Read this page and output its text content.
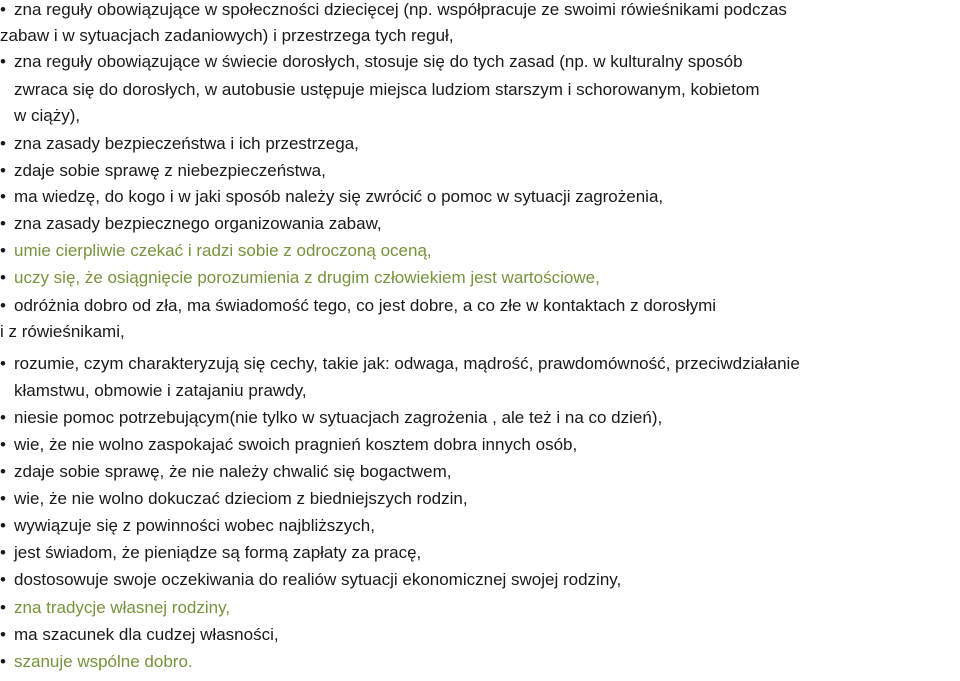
• zna reguły obowiązujące w społeczności dziecięcej (np. współpracuje ze swoimi rówieśnikami podczas
zabaw i w sytuacjach zadaniowych) i przestrzega tych reguł,
• zna reguły obowiązujące w świecie dorosłych, stosuje się do tych zasad (np. w kulturalny sposób
zwraca się do dorosłych, w autobusie ustępuje miejsca ludziom starszym i schorowanym, kobietom
w ciąży),
• zna zasady bezpieczeństwa i ich przestrzega,
• zdaje sobie sprawę z niebezpieczeństwa,
• ma wiedzę, do kogo i w jaki sposób należy się zwrócić o pomoc w sytuacji zagrożenia,
• zna zasady bezpiecznego organizowania zabaw,
• umie cierpliwie czekać i radzi sobie z odroczoną oceną,
• uczy się, że osiągnięcie porozumienia z drugim człowiekiem jest wartościowe,
• odróżnia dobro od zła, ma świadomość tego, co jest dobre, a co złe w kontaktach z dorosłymi
i z rówieśnikami,
• rozumie, czym charakteryzują się cechy, takie jak: odwaga, mądrość, prawdomówność, przeciwdziałanie
kłamstwu, obmowie i zatajaniu prawdy,
• niesie pomoc potrzebującym(nie tylko w sytuacjach zagrożenia , ale też i na co dzień),
• wie, że nie wolno zaspokajać swoich pragnień kosztem dobra innych osób,
• zdaje sobie sprawę, że nie należy chwalić się bogactwem,
• wie, że nie wolno dokuczać dzieciom z biedniejszych rodzin,
• wywiązuje się z powinności wobec najbliższych,
• jest świadom, że pieniądze są formą zapłaty za pracę,
• dostosowuje swoje oczekiwania do realiów sytuacji ekonomicznej swojej rodziny,
• zna tradycje własnej rodziny,
• ma szacunek dla cudzej własności,
• szanuje wspólne dobro.
